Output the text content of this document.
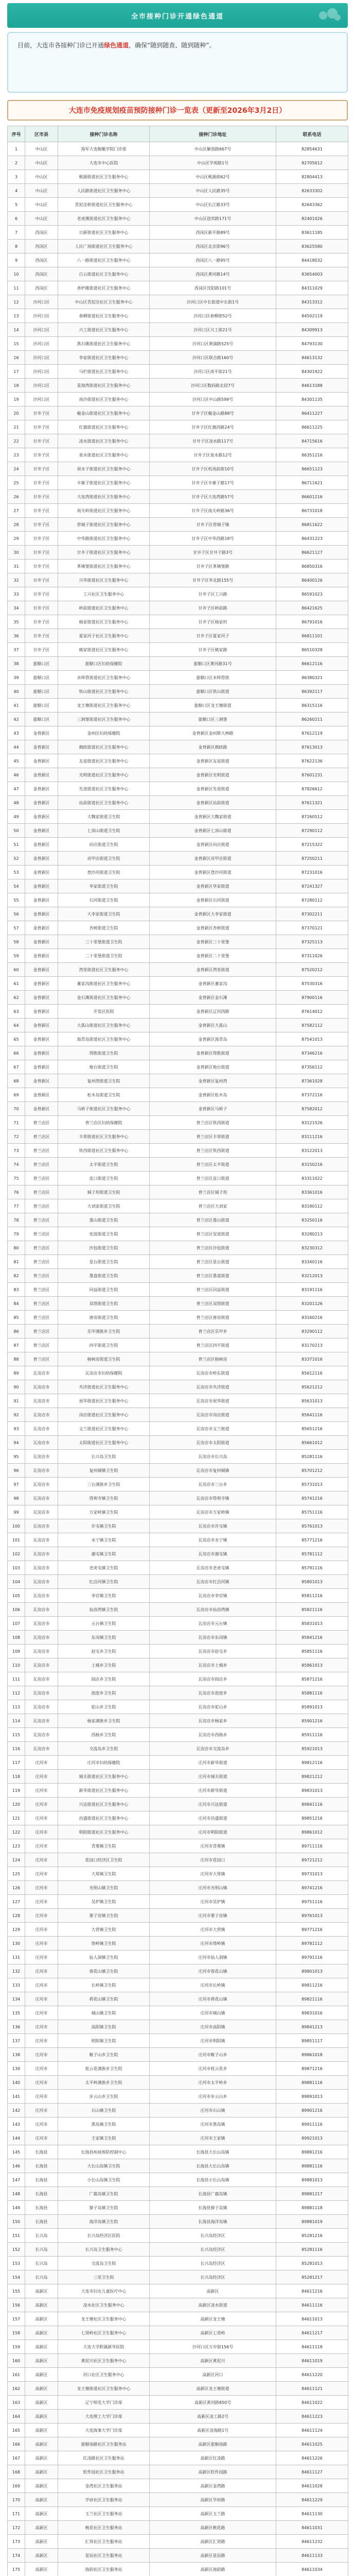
全市接种门诊开通绿色通道
目前，大连市各接种门诊已开通绿色通道，确保“随到随查、随到随种”。
大连市免疫规划疫苗预防接种门诊一览表（更新至2026年3月2日）
序号	区市县	接种门诊名称	接种门诊地址	联系电话
1	中山区	海军大连舰艇学院门诊部	中山区解放路667号	82854631
2	中山区	大连市中心医院	中山区学苑路1号	82705612
3	中山区	桃源街道社区卫生服务中心	中山区桃源街62号	82804413
4	中山区	人民路街道社区卫生服务中心	中山区人民路35号	82633302
5	中山区	青泥洼桥街道社区卫生服务中心	中山区长江路33号	82643362
6	中山区	老虎滩街道社区卫生服务中心	中山区迎宾路171号	82401026
7	西岗区	日新街道社区卫生服务中心	西岗区新开路89号	83611185
8	西岗区	人民广场街道社区卫生服务中心	西岗区北京街96号	83625580
9	西岗区	八一路街道社区卫生服务中心	西岗区八一路95号	84418032
10	西岗区	白云街道社区卫生服务中心	西岗区黄河路14号	83654003
11	西岗区	香炉礁街道社区卫生服务中心	西岗区沈阳路101号	84311029
12	沙河口区	中山区青泥洼社区卫生服务中心	沙河口区中长街道中长街1号	84313312
13	沙河口区	春柳街道社区卫生服务中心	沙河口区春柳街52号	84502119
14	沙河口区	兴工街道社区卫生服务中心	沙河口区兴工街21号	84309913
15	沙河口区	黑石礁街道社区卫生服务中心	沙河口区黄浦路525号	84793130
16	沙河口区	李家街道社区卫生服务中心	沙河口区联合路160号	84613132
17	沙河口区	马栏街道社区卫生服务中心	沙河口区南平街21号	84301922
18	沙河口区	星海湾街道社区卫生服务中心	沙河口区数码路北段7号	84613188
19	沙河口区	南沙街道社区卫生服务中心	沙河口区中山路599号	84301135
20	甘井子区	椒金山街道社区卫生服务中心	甘井子区椒金山路88号	86411227
21	甘井子区	红旗街道社区卫生服务中心	甘井子区红旗西路24号	86611225
22	甘井子区	凌水街道社区卫生服务中心	甘井子区凌水路117号	84715616
23	甘井子区	泉水街道社区卫生服务中心	甘井子区泉水路12号	86351216
24	甘井子区	周水子街道社区卫生服务中心	甘井子区机场前街10号	86651123
25	甘井子区	辛寨子街道社区卫生服务中心	甘井子区辛寨子路17号	86711621
26	甘井子区	大连湾街道社区卫生服务中心	甘井子区大连湾路57号	86601216
27	甘井子区	南关岭街道社区卫生服务中心	甘井子区南关岭路36号	86731018
28	甘井子区	营城子街道社区卫生服务中心	甘井子区营城子镇	86811622
29	甘井子区	中华路街道社区卫生服务中心	甘井子区中华西路18号	86431223
30	甘井子区	甘井子街道社区卫生服务中心	甘井子区甘井子路3号	86621127
31	甘井子区	革镇堡街道社区卫生服务中心	甘井子区革镇堡路	86850316
32	甘井子区	兴华街道社区卫生服务中心	甘井子区华北路155号	86400126
33	甘井子区	工兴社区卫生服务中心	甘井子区工兴路	86591023
34	甘井子区	岭前街道社区卫生服务中心	甘井子区岭前路	86421625
35	甘井子区	杨家街道社区卫生服务中心	甘井子区杨家村	86791016
36	甘井子区	夏家河子社区卫生服务中心	甘井子区夏家河子	86811101
37	甘井子区	姚家街道社区卫生服务中心	甘井子区姚家路	86510328
38	旅顺口区	旅顺口区妇幼保健院	旅顺口区黄河路31号	86612116
39	旅顺口区	水师营街道社区卫生服务中心	旅顺口区水师营街	86380321
40	旅顺口区	铁山街道社区卫生服务中心	旅顺口区铁山街道	86392117
41	旅顺口区	龙王塘街道社区卫生服务中心	旅顺口区龙王塘街道	86315116
42	旅顺口区	三涧堡街道社区卫生服务中心	旅顺口区三涧堡	86260211
43	金普新区	金州区妇幼保健院	金普新区金州斯大林路	87612119
44	金普新区	拥政街道社区卫生服务中心	金普新区拥政路	87613013
45	金普新区	友谊街道社区卫生服务中心	金普新区友谊街道	87622136
46	金普新区	光明街道社区卫生服务中心	金普新区光明街道	87601231
47	金普新区	先进街道社区卫生服务中心	金普新区先进街道	87826612
48	金普新区	站前街道社区卫生服务中心	金普新区站前街道	87611321
49	金普新区	大魏家街道卫生院	金普新区大魏家街道	87260512
50	金普新区	七顶山街道卫生院	金普新区七顶山街道	87290112
51	金普新区	向应街道卫生院	金普新区向应街道	87215322
52	金普新区	亮甲店街道卫生院	金普新区亮甲店街道	87250211
53	金普新区	登沙河街道卫生院	金普新区登沙河街道	87231016
54	金普新区	华家街道卫生院	金普新区华家街道	87241327
55	金普新区	石河街道卫生院	金普新区石河街道	87280112
56	金普新区	大李家街道卫生院	金普新区大李家街道	87302211
57	金普新区	杏树街道卫生院	金普新区杏树街道	87370121
58	金普新区	三十里堡街道卫生院	金普新区三十里堡	87325113
59	金普新区	二十里堡街道卫生院	金普新区二十里堡	87311026
60	金普新区	湾里街道社区卫生服务中心	金普新区湾里街道	87520212
61	金普新区	董家沟街道社区卫生服务中心	金普新区董家沟	87530316
62	金普新区	金石滩街道社区卫生服务中心	金普新区金石滩	87900116
63	金普新区	开发区医院	金普新区辽河西路	87614012
64	金普新区	大孤山街道社区卫生服务中心	金普新区大孤山	87582112
65	金普新区	海青岛街道社区卫生服务中心	金普新区海青岛	87541013
66	金普新区	得胜街道卫生院	金普新区得胜街道	87346216
67	金普新区	炮台街道卫生院	金普新区炮台街道	87356112
68	金普新区	复州湾街道卫生院	金普新区复州湾	87361028
69	金普新区	松木岛街道卫生院	金普新区松木岛	87372116
70	金普新区	马桥子街道社区卫生服务中心	金普新区马桥子	87582012
71	普兰店区	普兰店区妇幼保健院	普兰店区铁西街道	83121526
72	普兰店区	丰荣街道社区卫生服务中心	普兰店区丰荣街道	83111216
73	普兰店区	铁西街道社区卫生服务中心	普兰店区铁西街道	83122013
74	普兰店区	太平街道卫生院	普兰店区太平街道	83150216
75	普兰店区	皮口街道卫生院	普兰店区皮口街道	83311022
76	普兰店区	城子坦街道卫生院	普兰店区城子坦	83361016
77	普兰店区	大刘家街道卫生院	普兰店区大刘家	83180112
78	普兰店区	莲山街道卫生院	普兰店区莲山街道	83250116
79	普兰店区	安波街道卫生院	普兰店区安波街道	83280213
80	普兰店区	沙包街道卫生院	普兰店区沙包街道	83230312
81	普兰店区	星台街道卫生院	普兰店区星台街道	83340116
82	普兰店区	墨盘街道卫生院	普兰店区墨盘街道	83212013
83	普兰店区	同益街道卫生院	普兰店区同益街道	83191116
84	普兰店区	双塔街道卫生院	普兰店区双塔街道	83201126
85	普兰店区	唐房街道卫生院	普兰店区唐房街道	83160216
86	普兰店区	乐甲满族乡卫生院	普兰店区乐甲乡	83290112
87	普兰店区	四平街道卫生院	普兰店区四平街道	83170213
88	普兰店区	杨树房街道卫生院	普兰店区杨树房	83371016
89	瓦房店市	瓦房店市妇幼保健院	瓦房店市岭东街道	85612116
90	瓦房店市	共济街道社区卫生服务中心	瓦房店市共济街道	85621212
91	瓦房店市	祝华街道社区卫生服务中心	瓦房店市祝华街道	85631013
92	瓦房店市	岗店街道社区卫生服务中心	瓦房店市岗店街道	85641116
93	瓦房店市	文兰街道社区卫生服务中心	瓦房店市文兰街道	85651216
94	瓦房店市	太阳街道社区卫生服务中心	瓦房店市太阳街道	85661012
95	瓦房店市	长兴岛卫生院	瓦房店市长兴岛	85281116
96	瓦房店市	复州城镇卫生院	瓦房店市复州城镇	85701212
97	瓦房店市	三台满族乡卫生院	瓦房店市三台乡	85731013
98	瓦房店市	得利寺镇卫生院	瓦房店市得利寺镇	85741216
99	瓦房店市	万家岭镇卫生院	瓦房店市万家岭镇	85751116
100	瓦房店市	许屯镇卫生院	瓦房店市许屯镇	85761013
101	瓦房店市	永宁镇卫生院	瓦房店市永宁镇	85771216
102	瓦房店市	谢屯镇卫生院	瓦房店市谢屯镇	85781112
103	瓦房店市	老虎屯镇卫生院	瓦房店市老虎屯镇	85791116
104	瓦房店市	红沿河镇卫生院	瓦房店市红沿河镇	85801013
105	瓦房店市	李官镇卫生院	瓦房店市李官镇	85811216
106	瓦房店市	仙浴湾镇卫生院	瓦房店市仙浴湾镇	85821116
107	瓦房店市	元台镇卫生院	瓦房店市元台镇	85831013
108	瓦房店市	东岗镇卫生院	瓦房店市东岗镇	85841216
109	瓦房店市	赵屯乡卫生院	瓦房店市赵屯乡	85851116
110	瓦房店市	土城乡卫生院	瓦房店市土城乡	85861013
111	瓦房店市	阎店乡卫生院	瓦房店市阎店乡	85871216
112	瓦房店市	泡崖乡卫生院	瓦房店市泡崖乡	85881116
113	瓦房店市	驼山乡卫生院	瓦房店市驼山乡	85891013
114	瓦房店市	杨家满族乡卫生院	瓦房店市杨家乡	85901216
115	瓦房店市	西杨乡卫生院	瓦房店市西杨乡	85911116
116	瓦房店市	交流岛乡卫生院	瓦房店市交流岛乡	85921013
117	庄河市	庄河市妇幼保健院	庄河市新华街道	89812116
118	庄河市	城关街道社区卫生服务中心	庄河市城关街道	89821212
119	庄河市	新华街道社区卫生服务中心	庄河市新华街道	89831013
120	庄河市	兴达街道社区卫生服务中心	庄河市兴达街道	89841116
121	庄河市	昌盛街道社区卫生服务中心	庄河市昌盛街道	89851216
122	庄河市	明阳街道社区卫生服务中心	庄河市明阳街道	89861012
123	庄河市	青堆镇卫生院	庄河市青堆镇	89711116
124	庄河市	花园口经济区卫生院	庄河市花园口	89721212
125	庄河市	大郑镇卫生院	庄河市大郑镇	89731013
126	庄河市	光明山镇卫生院	庄河市光明山镇	89741216
127	庄河市	吴炉镇卫生院	庄河市吴炉镇	89751116
128	庄河市	栗子房镇卫生院	庄河市栗子房镇	89761013
129	庄河市	大营镇卫生院	庄河市大营镇	89771216
130	庄河市	塔岭镇卫生院	庄河市塔岭镇	89781112
131	庄河市	仙人洞镇卫生院	庄河市仙人洞镇	89791116
132	庄河市	蓉花山镇卫生院	庄河市蓉花山镇	89801013
133	庄河市	长岭镇卫生院	庄河市长岭镇	89811216
134	庄河市	荷花山镇卫生院	庄河市荷花山镇	89821116
135	庄河市	城山镇卫生院	庄河市城山镇	89831016
136	庄河市	高阳镇卫生院	庄河市高阳镇	89841213
137	庄河市	明阳镇卫生院	庄河市明阳镇	89851117
138	庄河市	鞍子山乡卫生院	庄河市鞍子山乡	89861018
139	庄河市	桂云花满族乡卫生院	庄河市桂云花乡	89871216
140	庄河市	太平岭满族乡卫生院	庄河市太平岭乡	89881116
141	庄河市	步云山乡卫生院	庄河市步云山乡	89891013
142	庄河市	石山镇卫生院	庄河市石山镇	89901216
143	庄河市	黑岛镇卫生院	庄河市黑岛镇	89911116
144	庄河市	王家镇卫生院	庄河市王家镇	89921013
145	长海县	长海县疾病预防控制中心	长海县大长山岛镇	89881216
146	长海县	大长山岛镇卫生院	长海县大长山岛镇	89881116
147	长海县	小长山岛镇卫生院	长海县小长山岛镇	89881013
148	长海县	广鹿岛镇卫生院	长海县广鹿岛镇	89881217
149	长海县	獐子岛镇卫生院	长海县獐子岛镇	89881118
150	长海县	海洋岛镇卫生院	长海县海洋岛镇	89881019
151	长兴岛	长兴岛经济区医院	长兴岛经济区	85281216
152	长兴岛	长兴岛卫生服务中心	长兴岛经济区	85281116
153	长兴岛	交流岛卫生院	长兴岛经济区	85281013
154	长兴岛	三堂卫生院	长兴岛经济区	85281217
155	高新区	大连市妇女儿童医疗中心	高新区	84611216
156	高新区	凌水社区卫生服务中心	高新区凌水街道	84611116
157	高新区	龙王塘社区卫生服务中心	高新区龙王塘	84611013
158	高新区	七贤岭社区卫生服务中心	高新区七贤岭	84611217
159	高新区	大连大学附属新华医院	沙河口区万岁街156号	84611118
160	高新区	黄泥川社区卫生服务中心	高新区黄泥川	84611019
161	高新区	河口社区卫生服务中心	高新区河口	84611220
162	高新区	龙王塘街道社区卫生服务中心	高新区龙王塘街道	84611121
163	高新区	辽宁师范大学门诊部	高新区黄河路850号	84611022
164	高新区	大连理工大学门诊部	高新区凌工路2号	84611223
165	高新区	大连海事大学门诊部	高新区凌海路1号	84611124
166	高新区	旅顺南路社区卫生服务站	高新区旅顺南路	84611025
167	高新区	红凌路社区卫生服务站	高新区红凌路	84611226
168	高新区	软件园社区卫生服务站	高新区软件园路	84611127
169	高新区	金湾社区卫生服务站	高新区金湾路	84611028
170	高新区	学府社区卫生服务站	高新区学府路	84611229
171	高新区	玉兰社区卫生服务站	高新区玉兰路	84611130
172	高新区	桃花社区卫生服务站	高新区桃花路	84611031
173	高新区	汇贤社区卫生服务站	高新区汇贤路	84611232
174	高新区	星辰社区卫生服务站	高新区星辰路	84611133
175	高新区	海韵社区卫生服务站	高新区海韵路	84611034
